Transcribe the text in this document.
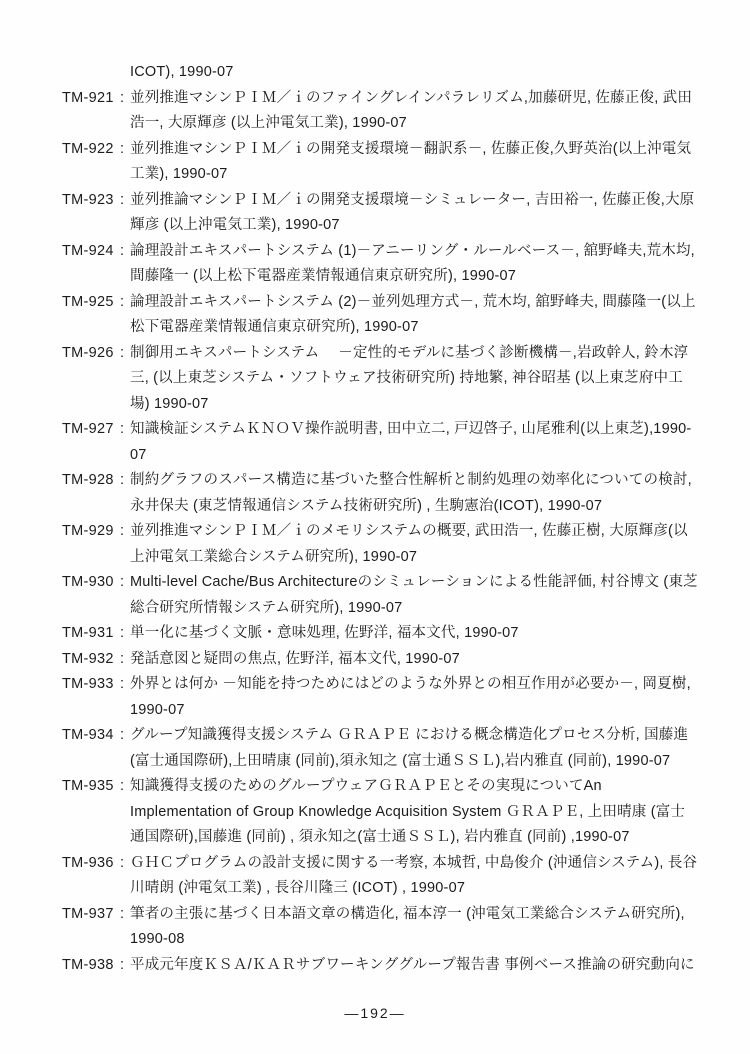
ICOT), 1990-07
TM-921 : 並列推進マシンＰＩＭ／ｉのファイングレインパラレリズム,加藤研児, 佐藤正俊, 武田浩一, 大原輝彦 (以上沖電気工業), 1990-07
TM-922 : 並列推進マシンＰＩＭ／ｉの開発支援環境－翻訳系－, 佐藤正俊,久野英治(以上沖電気工業), 1990-07
TM-923 : 並列推論マシンＰＩＭ／ｉの開発支援環境－シミュレーター, 吉田裕一, 佐藤正俊,大原輝彦 (以上沖電気工業), 1990-07
TM-924 : 論理設計エキスパートシステム (1)－アニーリング・ルールベース－, 舘野峰夫,荒木均, 間藤隆一 (以上松下電器産業情報通信東京研究所), 1990-07
TM-925 : 論理設計エキスパートシステム (2)－並列処理方式－, 荒木均, 舘野峰夫, 間藤隆一(以上松下電器産業情報通信東京研究所), 1990-07
TM-926 : 制御用エキスパートシステム 　－定性的モデルに基づく診断機構－,岩政幹人, 鈴木淳三, (以上東芝システム・ソフトウェア技術研究所) 持地繁, 神谷昭基 (以上東芝府中工場) 1990-07
TM-927 : 知識検証システムＫＮＯＶ操作説明書, 田中立二, 戸辺啓子, 山尾雅利(以上東芝),1990-07
TM-928 : 制約グラフのスパース構造に基づいた整合性解析と制約処理の効率化についての検討,永井保夫 (東芝情報通信システム技術研究所) , 生駒憲治(ICOT), 1990-07
TM-929 : 並列推進マシンＰＩＭ／ｉのメモリシステムの概要, 武田浩一, 佐藤正樹, 大原輝彦(以上沖電気工業総合システム研究所), 1990-07
TM-930 : Multi-level Cache/Bus Architectureのシミュレーションによる性能評価, 村谷博文 (東芝総合研究所情報システム研究所), 1990-07
TM-931 : 単一化に基づく文脈・意味処理, 佐野洋, 福本文代, 1990-07
TM-932 : 発話意図と疑問の焦点, 佐野洋, 福本文代, 1990-07
TM-933 : 外界とは何か －知能を持つためにはどのような外界との相互作用が必要か－, 岡夏樹, 1990-07
TM-934 : グループ知識獲得支援システム ＧＲＡＰＥ における概念構造化プロセス分析, 国藤進 (富士通国際研),上田晴康 (同前),須永知之 (富士通ＳＳＬ),岩内雅直 (同前), 1990-07
TM-935 : 知識獲得支援のためのグループウェアＧＲＡＰＥとその実現についてAn Implementation of Group Knowledge Acquisition System ＧＲＡＰＥ, 上田晴康 (富士通国際研),国藤進 (同前) , 須永知之(富士通ＳＳＬ), 岩内雅直 (同前) ,1990-07
TM-936 : ＧＨＣプログラムの設計支援に関する一考察, 本城哲, 中島俊介 (沖通信システム), 長谷川晴朗 (沖電気工業) , 長谷川隆三 (ICOT) , 1990-07
TM-937 : 筆者の主張に基づく日本語文章の構造化, 福本淳一 (沖電気工業総合システム研究所), 1990-08
TM-938 : 平成元年度ＫＳＡ/ＫＡＲサブワーキンググループ報告書 事例ベース推論の研究動向に
—192—
